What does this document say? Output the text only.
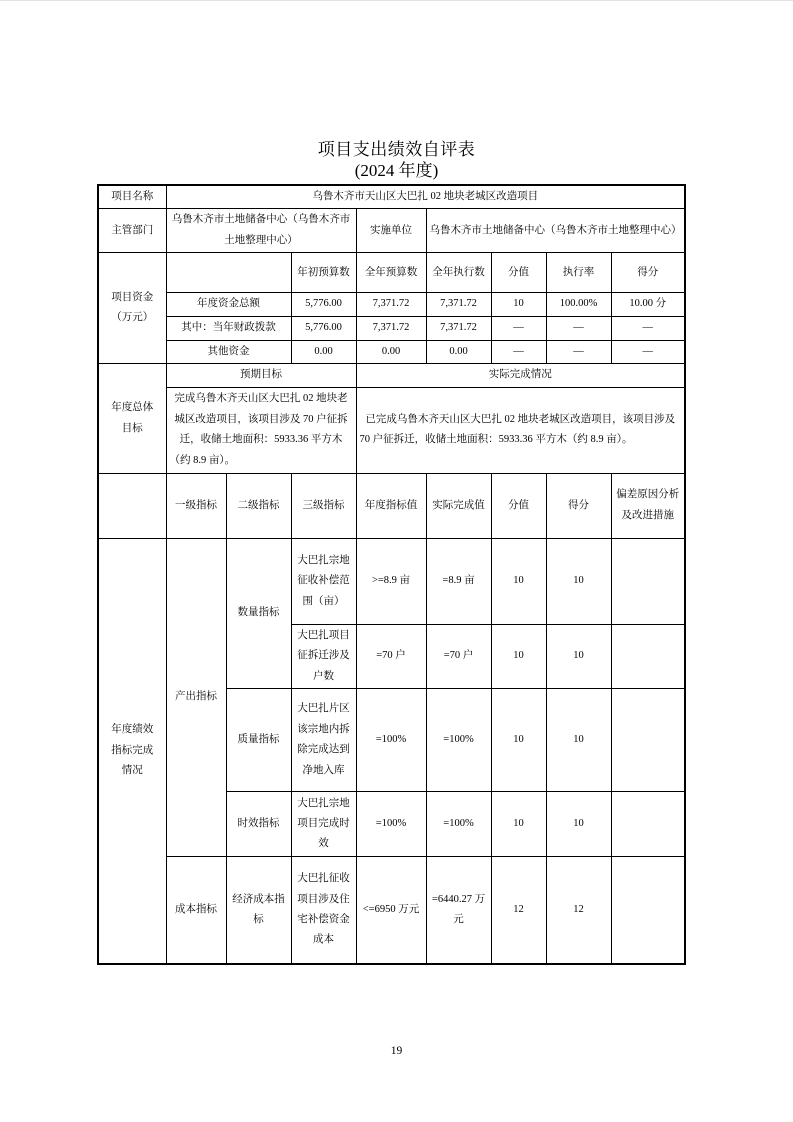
项目支出绩效自评表
(2024 年度)
项目名称	乌鲁木齐市天山区大巴扎 02 地块老城区改造项目							
主管部门	乌鲁木齐市土地储备中心（乌鲁木齐市土地整理中心）			实施单位	乌鲁木齐市土地储备中心（乌鲁木齐市土地整理中心）			

项目资金
（万元）			年初预算数	全年预算数	全年执行数	分值	执行率	得分
	年度资金总额		5,776.00	7,371.72	7,371.72	10	100.00%	10.00 分
	其中：当年财政拨款		5,776.00	7,371.72	7,371.72	—	—	—
	其他资金		0.00	0.00	0.00	—	—	—

年度总体
目标	预期目标			实际完成情况				
	完成乌鲁木齐天山区大巴扎 02 地块老城区改造项目，该项目涉及 70 户征拆迁，收储土地面积：5933.36 平方木（约 8.9 亩）。			已完成乌鲁木齐天山区大巴扎 02 地块老城区改造项目，该项目涉及 70 户征拆迁，收储土地面积：5933.36 平方木（约 8.9 亩）。				
	一级指标	二级指标	三级指标	年度指标值	实际完成值	分值	得分	偏差原因分析及改进措施

年度绩效
指标完成
情况	产出指标	数量指标	大巴扎宗地征收补偿范围（亩）	>=8.9 亩	=8.9 亩	10	10	
			大巴扎项目征拆迁涉及户数	=70 户	=70 户	10	10	
		质量指标	大巴扎片区该宗地内拆除完成达到净地入库	=100%	=100%	10	10	
		时效指标	大巴扎宗地项目完成时效	=100%	=100%	10	10	
	成本指标	经济成本指标	大巴扎征收项目涉及住宅补偿资金成本	<=6950 万元	=6440.27 万元	12	12	
19
